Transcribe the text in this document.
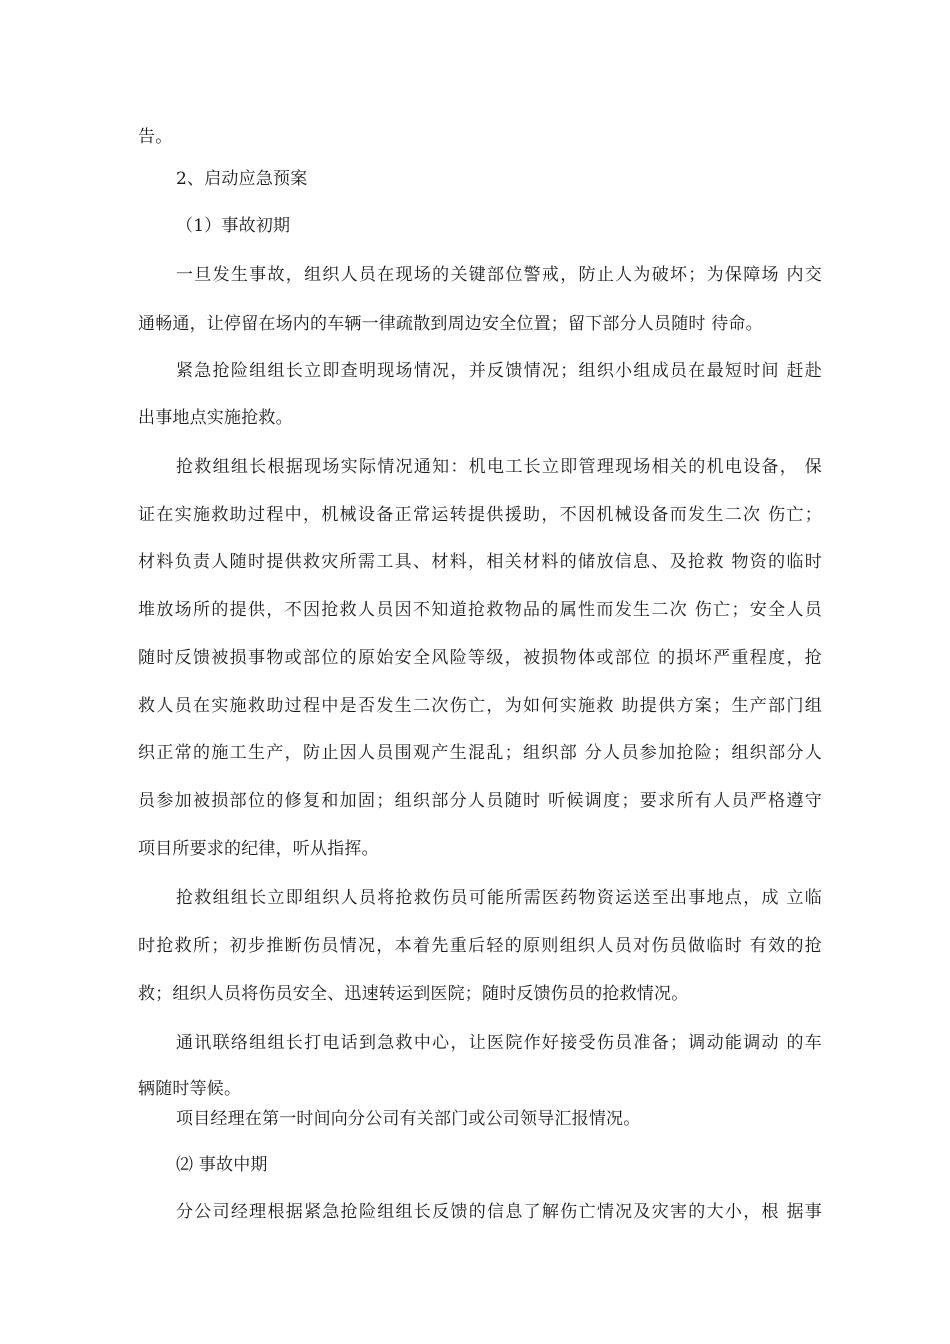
告。
2、启动应急预案
（1）事故初期
一旦发生事故，组织人员在现场的关键部位警戒，防止人为破坏；为保障场 内交
通畅通，让停留在场内的车辆一律疏散到周边安全位置；留下部分人员随时 待命。
紧急抢险组组长立即查明现场情况，并反馈情况；组织小组成员在最短时间 赶赴
出事地点实施抢救。
抢救组组长根据现场实际情况通知：机电工长立即管理现场相关的机电设备， 保
证在实施救助过程中，机械设备正常运转提供援助，不因机械设备而发生二次 伤亡；
材料负责人随时提供救灾所需工具、材料，相关材料的储放信息、及抢救 物资的临时
堆放场所的提供，不因抢救人员因不知道抢救物品的属性而发生二次 伤亡；安全人员
随时反馈被损事物或部位的原始安全风险等级，被损物体或部位 的损坏严重程度，抢
救人员在实施救助过程中是否发生二次伤亡，为如何实施救 助提供方案；生产部门组
织正常的施工生产，防止因人员围观产生混乱；组织部 分人员参加抢险；组织部分人
员参加被损部位的修复和加固；组织部分人员随时 听候调度；要求所有人员严格遵守
项目所要求的纪律，听从指挥。
抢救组组长立即组织人员将抢救伤员可能所需医药物资运送至出事地点，成 立临
时抢救所；初步推断伤员情况，本着先重后轻的原则组织人员对伤员做临时 有效的抢
救；组织人员将伤员安全、迅速转运到医院；随时反馈伤员的抢救情况。
通讯联络组组长打电话到急救中心，让医院作好接受伤员准备；调动能调动 的车
辆随时等候。
项目经理在第一时间向分公司有关部门或公司领导汇报情况。
⑵ 事故中期
分公司经理根据紧急抢险组组长反馈的信息了解伤亡情况及灾害的大小，根 据事
